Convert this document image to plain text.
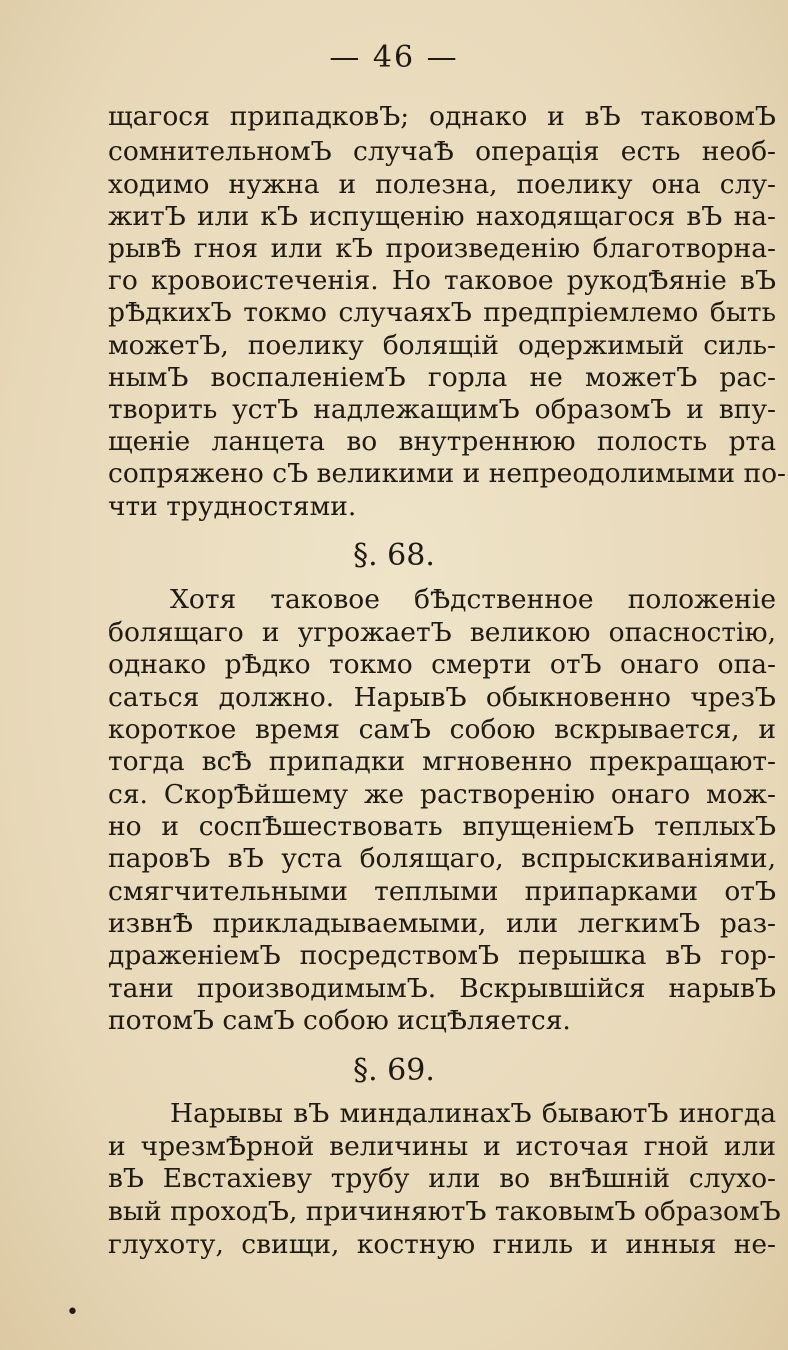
— 46 —
щагося припадковЪ; однако и вЪ таковомЪ
сомнительномЪ случаѢ операція есть необ-
ходимо нужна и полезна, поелику она слу-
житЪ или кЪ испущенію находящагося вЪ на-
рывѢ гноя или кЪ произведенію благотворна-
го кровоистеченія. Но таковое рукодѢяніе вЪ
рѢдкихЪ токмо случаяхЪ предпріемлемо быть
можетЪ, поелику болящій одержимый силь-
нымЪ воспаленіемЪ горла не можетЪ рас-
творить устЪ надлежащимЪ образомЪ и впу-
щеніе ланцета во внутреннюю полость рта
сопряжено сЪ великими и непреодолимыми по-
чти трудностями.
§. 68.
Хотя таковое бѢдственное положеніе
болящаго и угрожаетЪ великою опасностію,
однако рѢдко токмо смерти отЪ онаго опа-
саться должно. НарывЪ обыкновенно чрезЪ
короткое время самЪ собою вскрывается, и
тогда всѢ припадки мгновенно прекращают-
ся. СкорѢйшему же раствоpенію онаго мож-
но и соспѢшествовать впущеніемЪ теплыхЪ
паровЪ вЪ уста болящаго, вспрыскиваніями,
смягчительными теплыми припарками отЪ
извнѢ прикладываемыми, или легкимЪ раз-
драженіемЪ посредствомЪ перышка вЪ гор-
тани производимымЪ. Вскрывшійся нарывЪ
потомЪ самЪ собою исцѢляется.
§. 69.
Нарывы вЪ миндалинахЪ бываютЪ иногда
и чрезмѢрной величины и источая гной или
вЪ Евстахіеву трубу или во внѢшній слухо-
вый проходЪ, причиняютЪ таковымЪ образомЪ
глухоту, свищи, костную гниль и инныя не-
•
